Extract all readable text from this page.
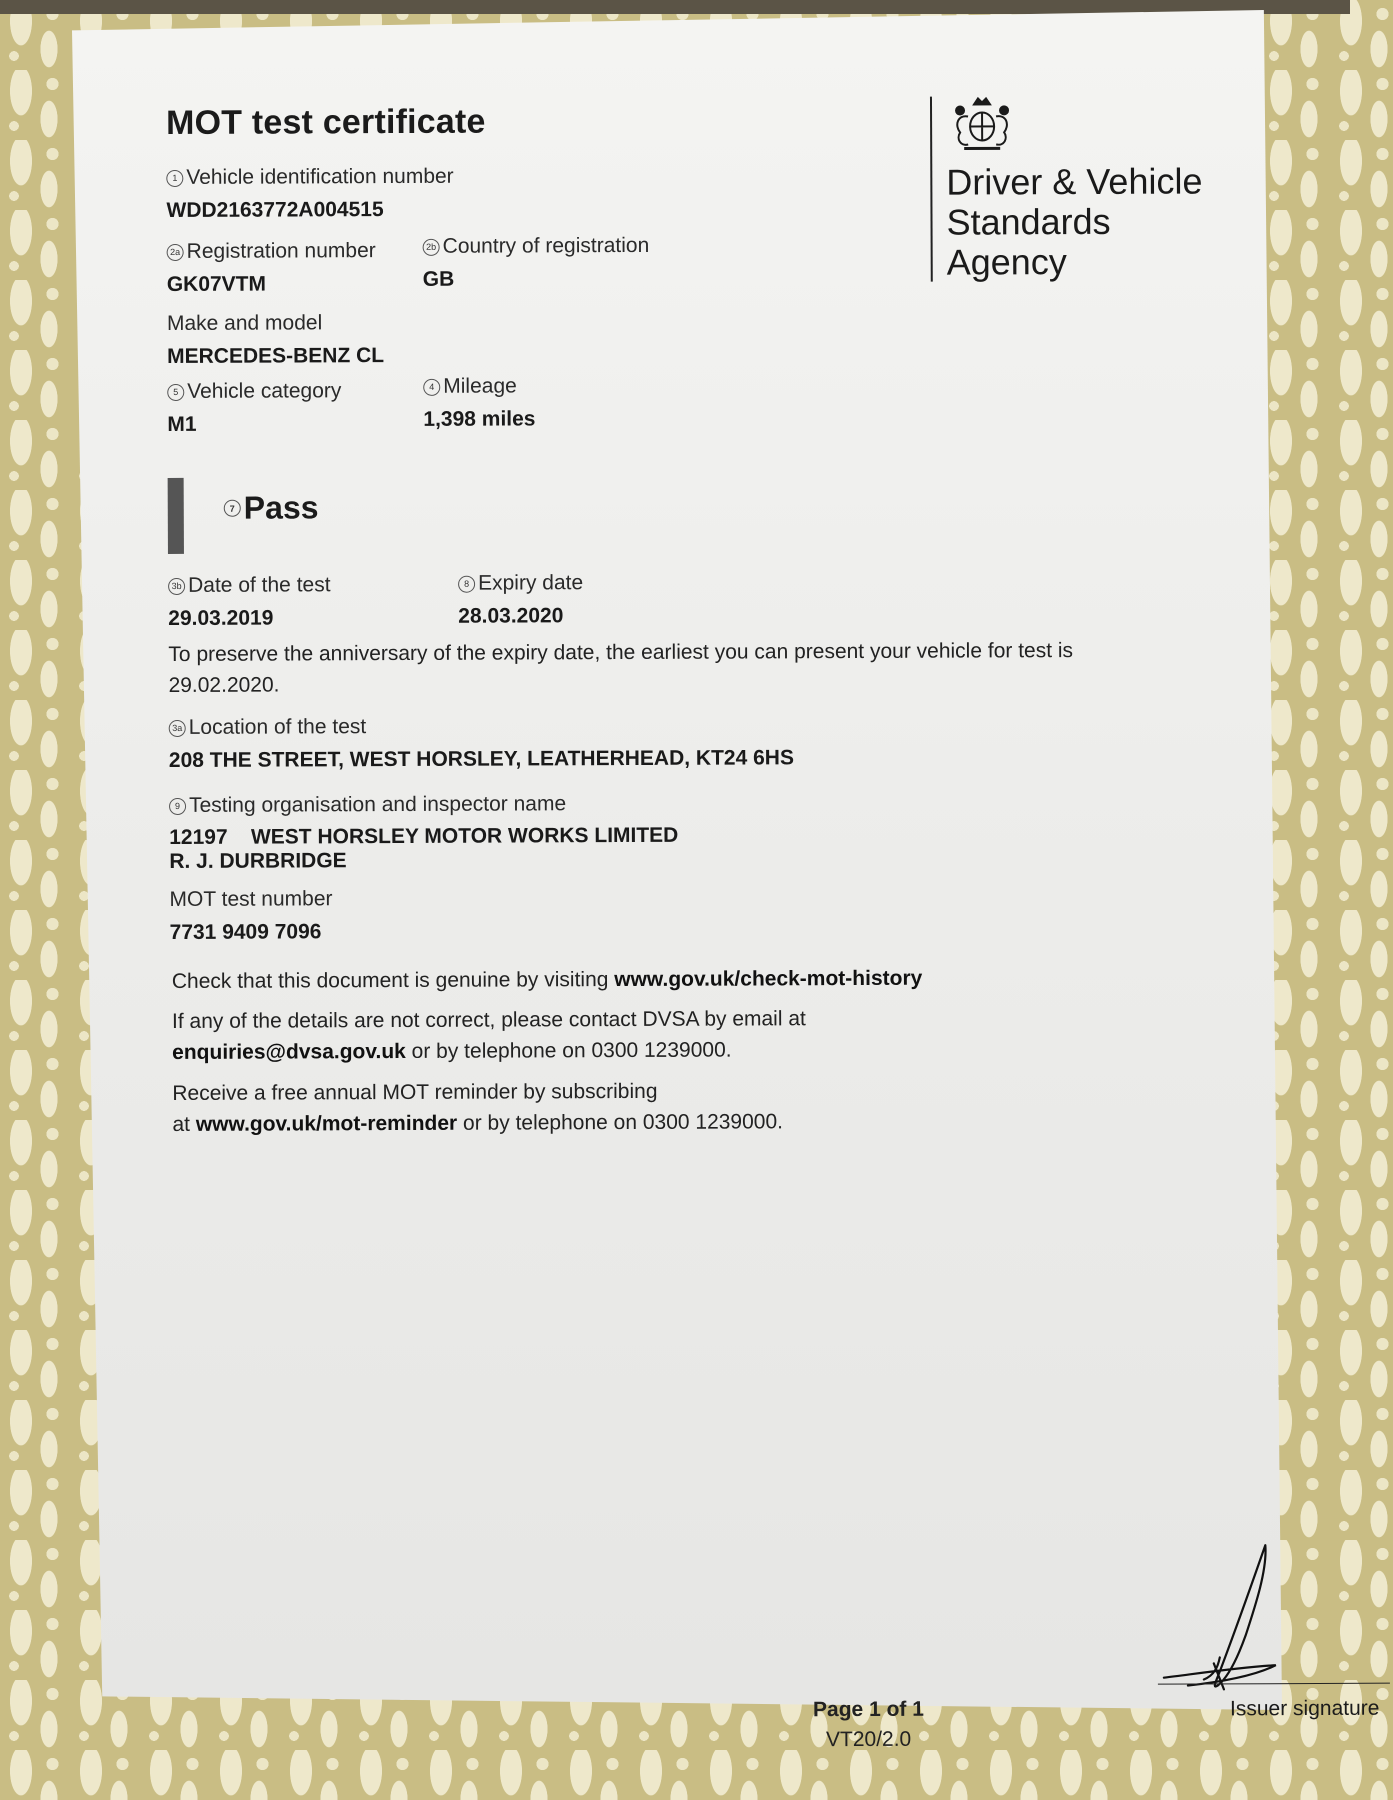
MOT test certificate
1 Vehicle identification number
WDD2163772A004515
2a Registration number
GK07VTM
2b Country of registration
GB
Make and model
MERCEDES-BENZ CL
5 Vehicle category
M1
4 Mileage
1,398 miles
7 Pass
3b Date of the test
29.03.2019
8 Expiry date
28.03.2020
To preserve the anniversary of the expiry date, the earliest you can present your vehicle for test is
29.02.2020.
3a Location of the test
208 THE STREET, WEST HORSLEY, LEATHERHEAD, KT24 6HS
9 Testing organisation and inspector name
12197    WEST HORSLEY MOTOR WORKS LIMITED
R. J. DURBRIDGE
MOT test number
7731 9409 7096
Check that this document is genuine by visiting www.gov.uk/check-mot-history
If any of the details are not correct, please contact DVSA by email at
enquiries@dvsa.gov.uk or by telephone on 0300 1239000.
Receive a free annual MOT reminder by subscribing
at www.gov.uk/mot-reminder or by telephone on 0300 1239000.
Driver & Vehicle
Standards
Agency
Page 1 of 1
VT20/2.0
Issuer signature
